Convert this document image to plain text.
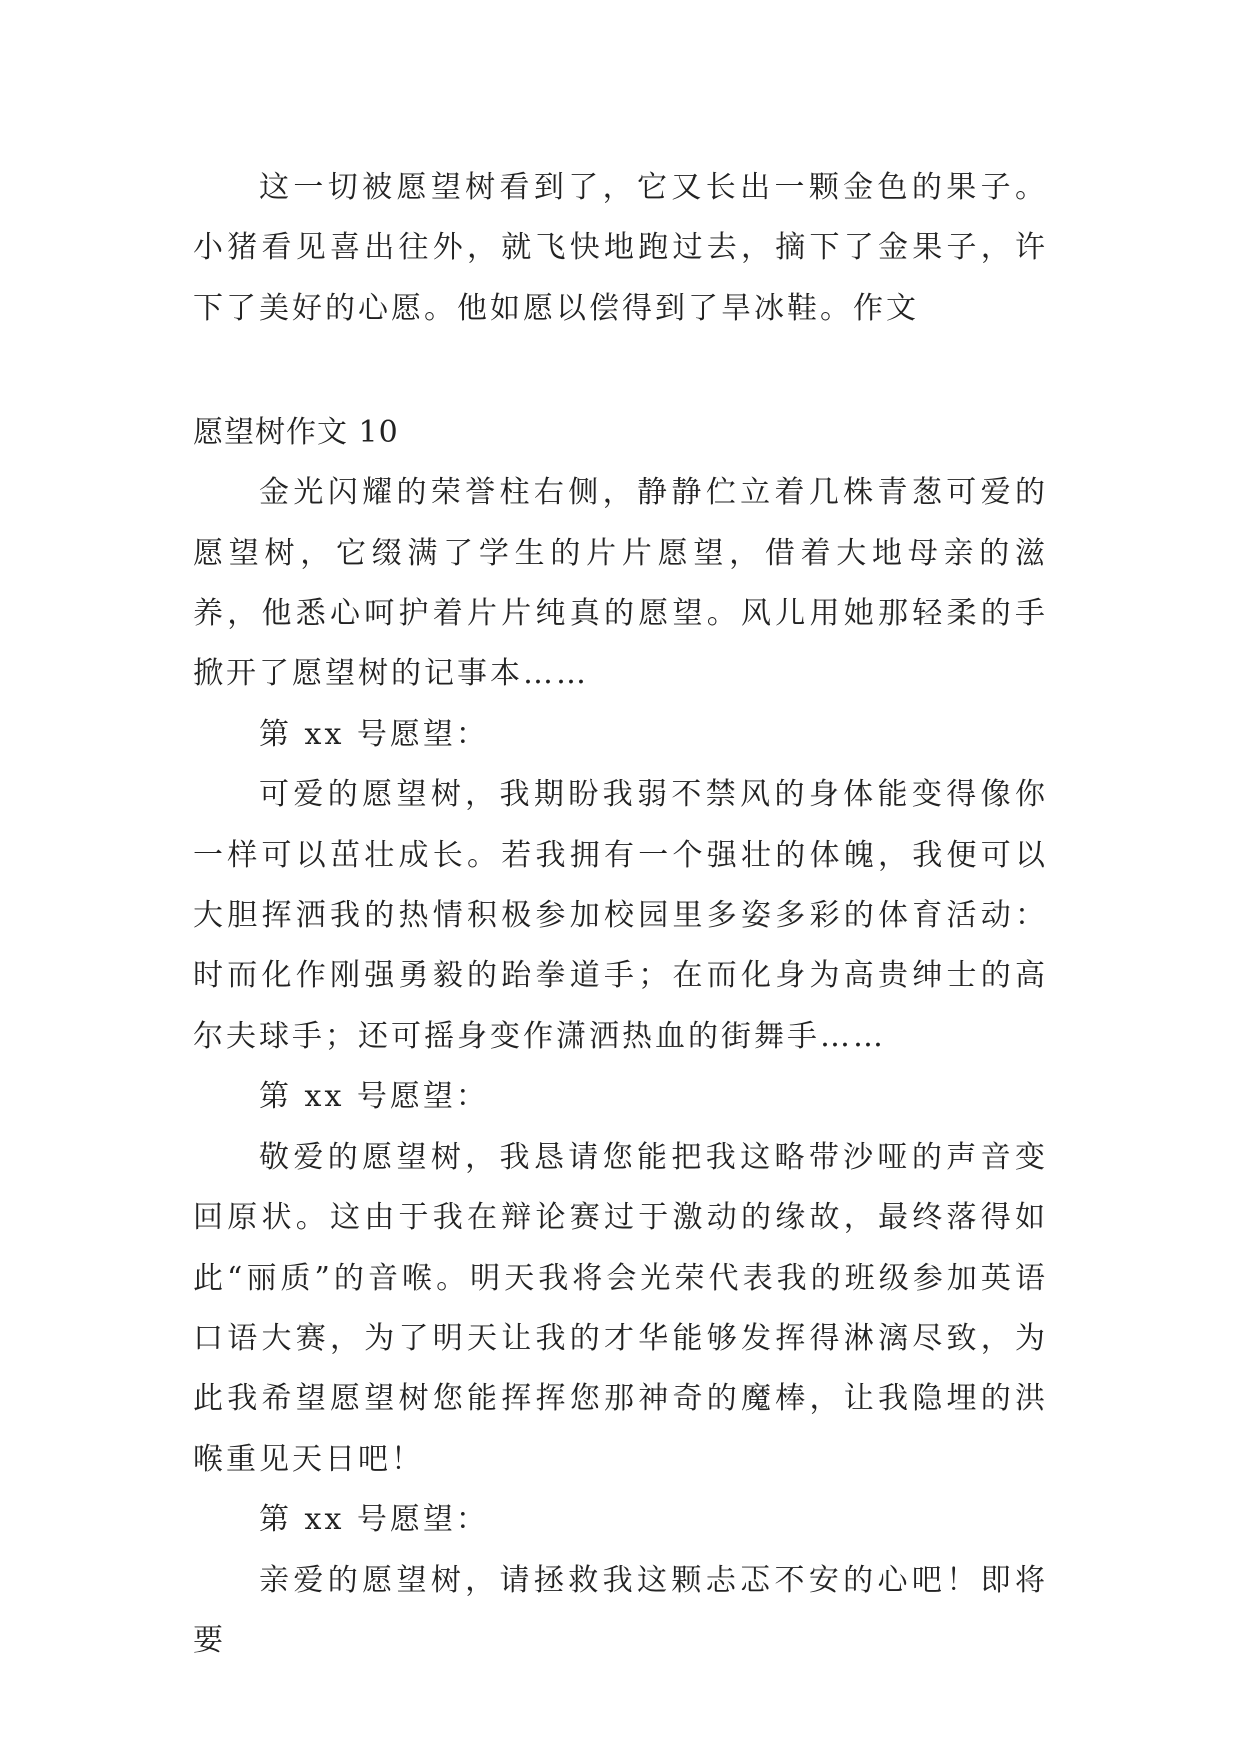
这一切被愿望树看到了，它又长出一颗金色的果子。小猪看见喜出往外，就飞快地跑过去，摘下了金果子，许下了美好的心愿。他如愿以偿得到了旱冰鞋。作文

愿望树作文 10

金光闪耀的荣誉柱右侧，静静伫立着几株青葱可爱的愿望树，它缀满了学生的片片愿望，借着大地母亲的滋养，他悉心呵护着片片纯真的愿望。风儿用她那轻柔的手掀开了愿望树的记事本……

第 xx 号愿望：

可爱的愿望树，我期盼我弱不禁风的身体能变得像你一样可以茁壮成长。若我拥有一个强壮的体魄，我便可以大胆挥洒我的热情积极参加校园里多姿多彩的体育活动：时而化作刚强勇毅的跆拳道手；在而化身为高贵绅士的高尔夫球手；还可摇身变作潇洒热血的街舞手……

第 xx 号愿望：

敬爱的愿望树，我恳请您能把我这略带沙哑的声音变回原状。这由于我在辩论赛过于激动的缘故，最终落得如此“丽质”的音喉。明天我将会光荣代表我的班级参加英语口语大赛，为了明天让我的才华能够发挥得淋漓尽致，为此我希望愿望树您能挥挥您那神奇的魔棒，让我隐埋的洪喉重见天日吧！

第 xx 号愿望：

亲爱的愿望树，请拯救我这颗忐忑不安的心吧！即将要
